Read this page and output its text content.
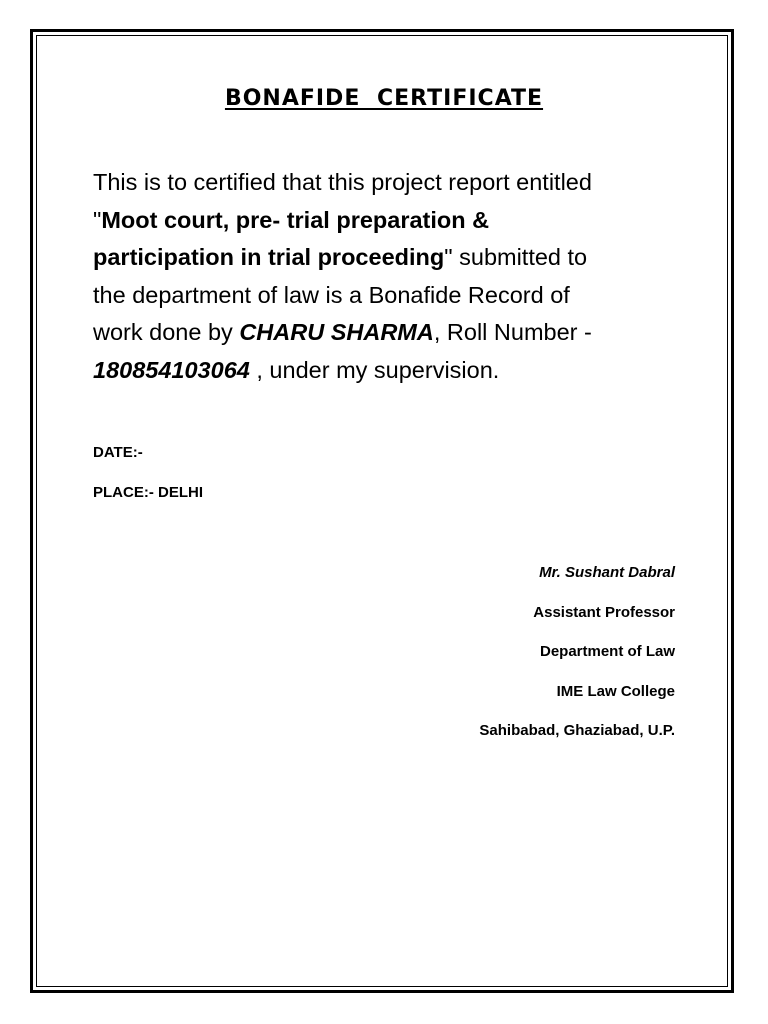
BONAFIDE CERTIFICATE
This is to certified that this project report entitled
"Moot court, pre- trial preparation &
participation in trial proceeding" submitted to
the department of law is a Bonafide Record of
work done by CHARU SHARMA, Roll Number -
180854103064 , under my supervision.
DATE:-
PLACE:- DELHI
Mr. Sushant Dabral
Assistant Professor
Department of Law
IME Law College
Sahibabad, Ghaziabad, U.P.
